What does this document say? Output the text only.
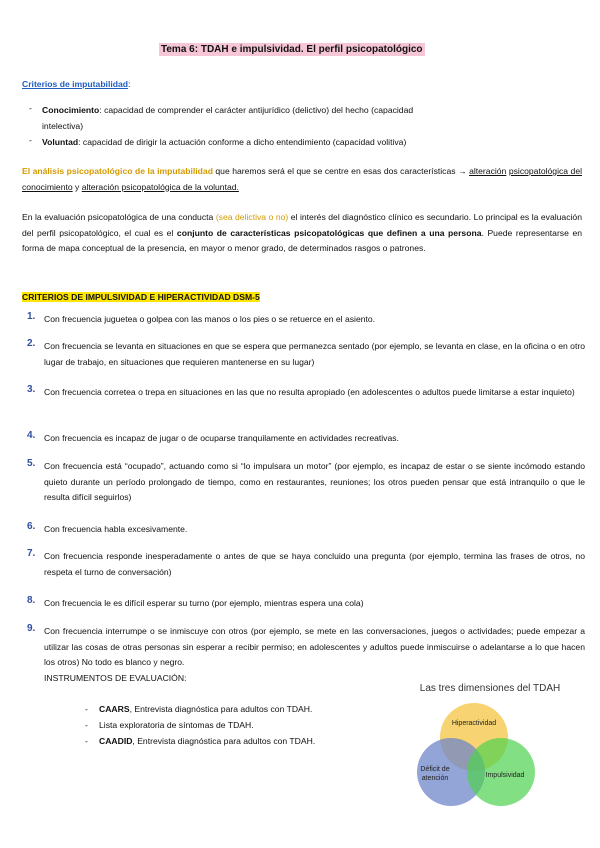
Tema 6: TDAH e impulsividad. El perfil psicopatológico
Criterios de imputabilidad:
- Conocimiento: capacidad de comprender el carácter antijurídico (delictivo) del hecho (capacidad
intelectiva)
- Voluntad: capacidad de dirigir la actuación conforme a dicho entendimiento (capacidad volitiva)
El análisis psicopatológico de la imputabilidad que haremos será el que se centre en esas dos características → alteración psicopatológica del conocimiento y alteración psicopatológica de la voluntad.
En la evaluación psicopatológica de una conducta (sea delictiva o no) el interés del diagnóstico clínico es secundario. Lo principal es la evaluación del perfil psicopatológico, el cual es el conjunto de características psicopatológicas que definen a una persona. Puede representarse en forma de mapa conceptual de la presencia, en mayor o menor grado, de determinados rasgos o patrones.
CRITERIOS DE IMPULSIVIDAD E HIPERACTIVIDAD DSM-5
1. Con frecuencia juguetea o golpea con las manos o los pies o se retuerce en el asiento.
2. Con frecuencia se levanta en situaciones en que se espera que permanezca sentado (por ejemplo, se levanta en clase, en la oficina o en otro lugar de trabajo, en situaciones que requieren mantenerse en su lugar)
3. Con frecuencia corretea o trepa en situaciones en las que no resulta apropiado (en adolescentes o adultos puede limitarse a estar inquieto)
4. Con frecuencia es incapaz de jugar o de ocuparse tranquilamente en actividades recreativas.
5. Con frecuencia está “ocupado”, actuando como si “lo impulsara un motor” (por ejemplo, es incapaz de estar o se siente incómodo estando quieto durante un período prolongado de tiempo, como en restaurantes, reuniones; los otros pueden pensar que está intranquilo o que le resulta difícil seguirlos)
6. Con frecuencia habla excesivamente.
7. Con frecuencia responde inesperadamente o antes de que se haya concluido una pregunta (por ejemplo, termina las frases de otros, no respeta el turno de conversación)
8. Con frecuencia le es difícil esperar su turno (por ejemplo, mientras espera una cola)
9. Con frecuencia interrumpe o se inmiscuye con otros (por ejemplo, se mete en las conversaciones, juegos o actividades; puede empezar a utilizar las cosas de otras personas sin esperar a recibir permiso; en adolescentes y adultos puede inmiscuirse o adelantarse a lo que hacen los otros) No todo es blanco y negro.
INSTRUMENTOS DE EVALUACIÓN:
- CAARS, Entrevista diagnóstica para adultos con TDAH.
- Lista exploratoria de síntomas de TDAH.
- CAADID, Entrevista diagnóstica para adultos con TDAH.
Las tres dimensiones del TDAH
Hiperactividad
Déficit de
atención	Impulsividad
